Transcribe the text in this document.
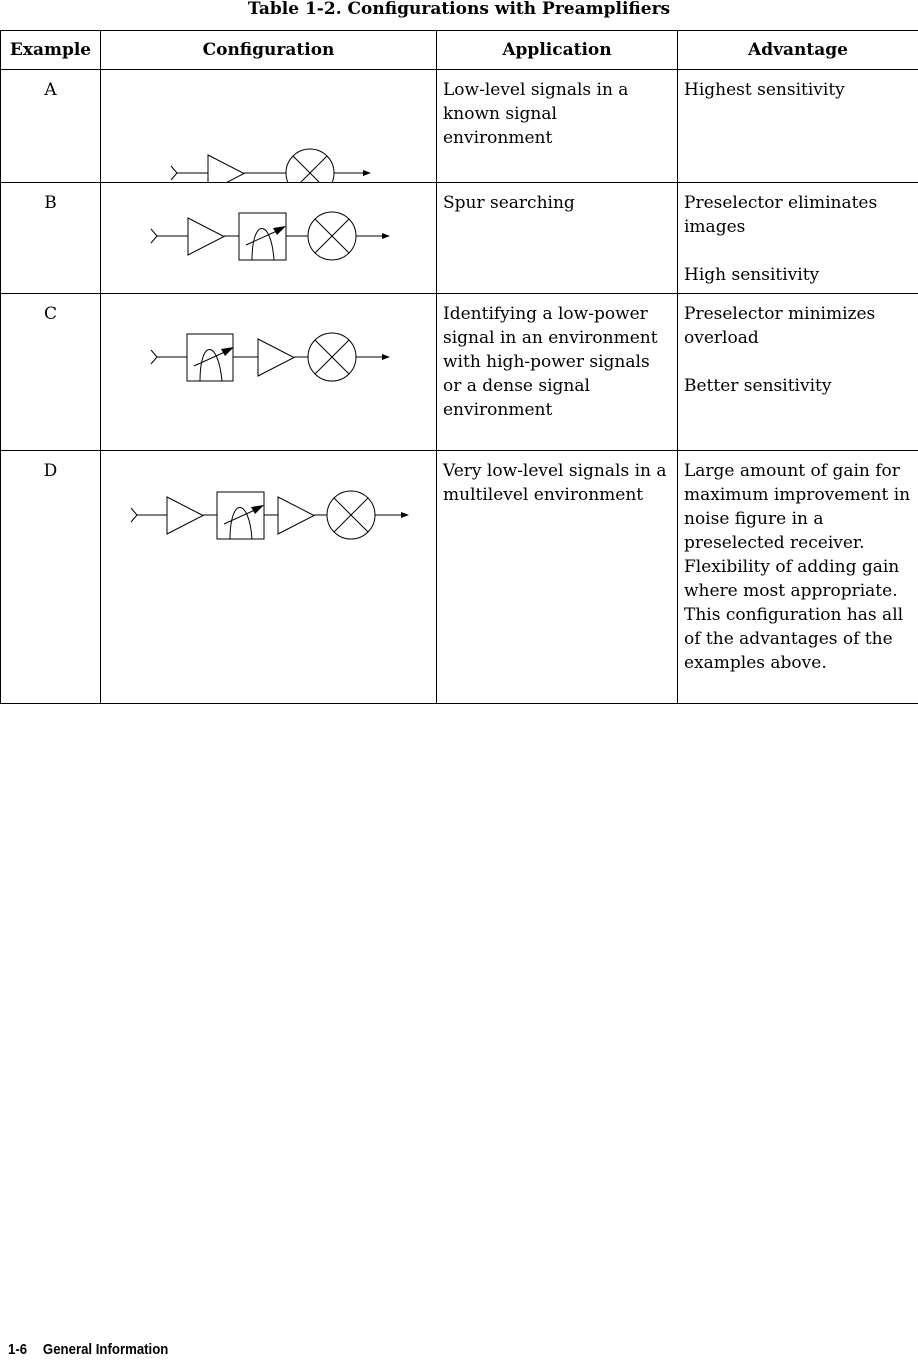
Table 1-2. Configurations with Preamplifiers
Example	Configuration	Application	Advantage
A		Low-level signals in a known signal environment	Highest sensitivity

B		Spur searching	Preselector eliminates images
High sensitivity

C		Identifying a low-power signal in an environment with high-power signals or a dense signal environment	Preselector minimizes overload
Better sensitivity

D		Very low-level signals in a multilevel environment	Large amount of gain for maximum improvement in noise figure in a preselected receiver. Flexibility of adding gain where most appropriate. This configuration has all of the advantages of the examples above.
1-6 General Information
